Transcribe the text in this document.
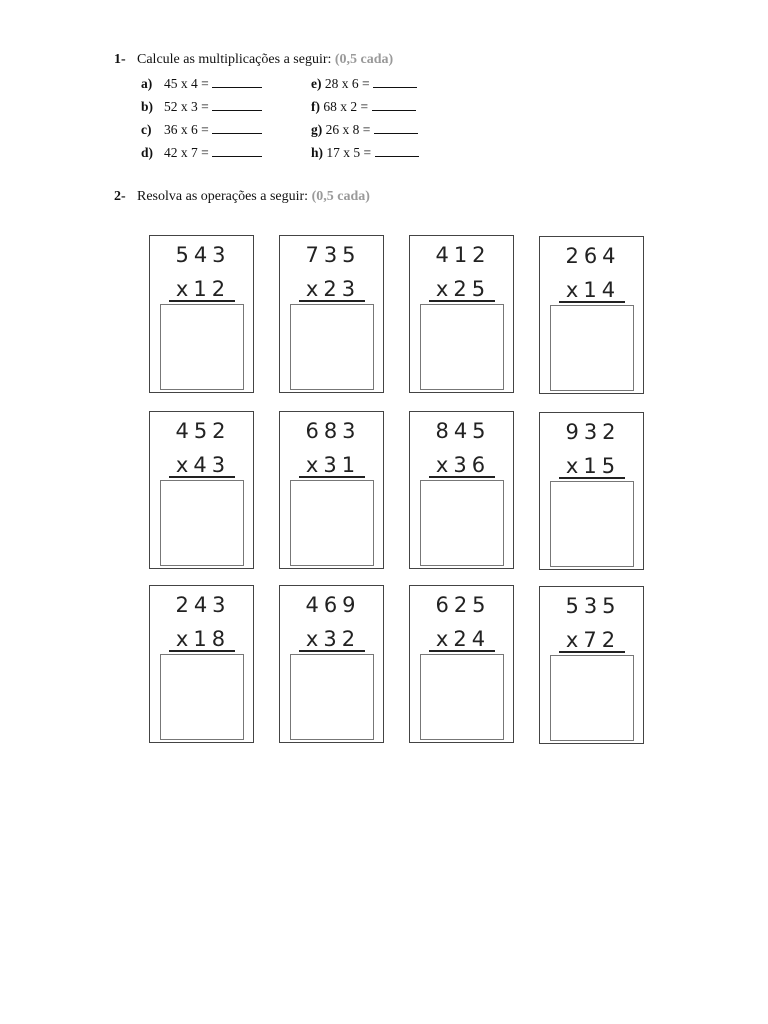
1- Calcule as multiplicações a seguir: (0,5 cada)
a) 45 x 4 =
b) 52 x 3 =
c) 36 x 6 =
d) 42 x 7 =
e) 28 x 6 =
f) 68 x 2 =
g) 26 x 8 =
h) 17 x 5 =
2- Resolva as operações a seguir: (0,5 cada)
543
x12
735
x23
412
x25
264
x14
452
x43
683
x31
845
x36
932
x15
243
x18
469
x32
625
x24
535
x72
